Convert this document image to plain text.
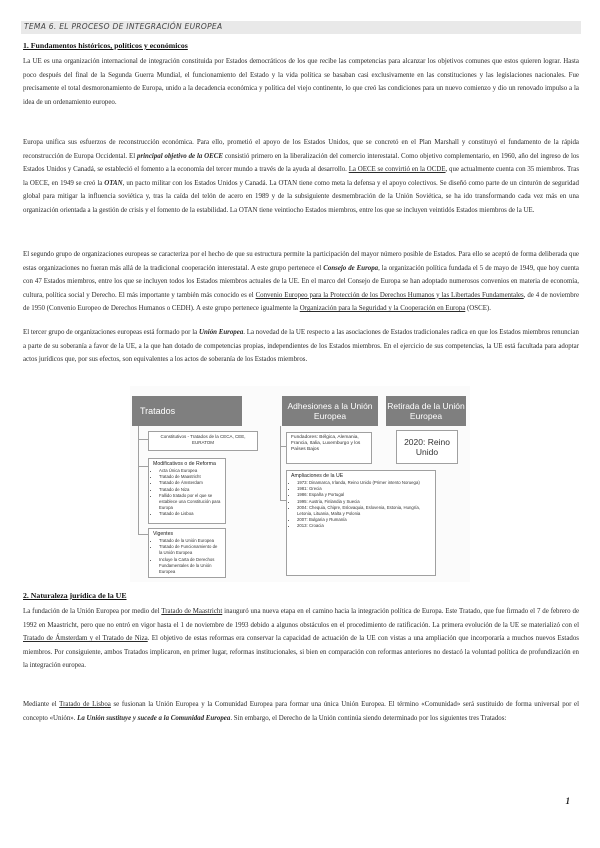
TEMA 6. EL PROCESO DE INTEGRACIÓN EUROPEA
1. Fundamentos históricos, políticos y económicos

La UE es una organización internacional de integración constituida por Estados democráticos de los que recibe las competencias para alcanzar los objetivos comunes que estos quieren lograr. Hasta poco después del final de la Segunda Guerra Mundial, el funcionamiento del Estado y la vida política se basaban casi exclusivamente en las constituciones y las legislaciones nacionales. Fue precisamente el total desmoronamiento de Europa, unido a la decadencia económica y política del viejo continente, lo que creó las condiciones para un nuevo comienzo y dio un renovado impulso a la idea de un ordenamiento europeo.

Europa unifica sus esfuerzos de reconstrucción económica. Para ello, prometió el apoyo de los Estados Unidos, que se concretó en el Plan Marshall y constituyó el fundamento de la rápida reconstrucción de Europa Occidental. El principal objetivo de la OECE consistió primero en la liberalización del comercio interestatal. Como objetivo complementario, en 1960, año del ingreso de los Estados Unidos y Canadá, se estableció el fomento a la economía del tercer mundo a través de la ayuda al desarrollo. La OECE se convirtió en la OCDE, que actualmente cuenta con 35 miembros. Tras la OECE, en 1949 se creó la OTAN, un pacto militar con los Estados Unidos y Canadá. La OTAN tiene como meta la defensa y el apoyo colectivos. Se diseñó como parte de un cinturón de seguridad global para mitigar la influencia soviética y, tras la caída del telón de acero en 1989 y de la subsiguiente desmembración de la Unión Soviética, se ha ido transformando cada vez más en una organización orientada a la gestión de crisis y el fomento de la estabilidad. La OTAN tiene veintiocho Estados miembros, entre los que se incluyen veintidós Estados miembros de la UE.

El segundo grupo de organizaciones europeas se caracteriza por el hecho de que su estructura permite la participación del mayor número posible de Estados. Para ello se aceptó de forma deliberada que estas organizaciones no fueran más allá de la tradicional cooperación interestatal. A este grupo pertenece el Consejo de Europa, la organización política fundada el 5 de mayo de 1949, que hoy cuenta con 47 Estados miembros, entre los que se incluyen todos los Estados miembros actuales de la UE. En el marco del Consejo de Europa se han adoptado numerosos convenios en materia de economía, cultura, política social y Derecho. El más importante y también más conocido es el Convenio Europeo para la Protección de los Derechos Humanos y las Libertades Fundamentales, de 4 de noviembre de 1950 (Convenio Europeo de Derechos Humanos o CEDH). A este grupo pertenece igualmente la Organización para la Seguridad y la Cooperación en Europa (OSCE).

El tercer grupo de organizaciones europeas está formado por la Unión Europea. La novedad de la UE respecto a las asociaciones de Estados tradicionales radica en que los Estados miembros renuncian a parte de su soberanía a favor de la UE, a la que han dotado de competencias propias, independientes de los Estados miembros. En el ejercicio de sus competencias, la UE está facultada para adoptar actos jurídicos que, por sus efectos, son equivalentes a los actos de soberanía de los Estados miembros.

Tratados	Adhesiones a la Unión Europea
Retirada de la Unión Europea
2020: Reino Unido
Constitutivos - Tratados de la CECA, CEE, EURATOM
Modificativos o de Reforma
• Acta Única Europea
• Tratado de Maastricht
• Tratado de Ámsterdam
• Tratado de Niza
• Fallido tratado por el que se establece una Constitución para Europa
• Tratado de Lisboa
Vigentes
• Tratado de la Unión Europea
• Tratado de Funcionamiento de la Unión Europea
• Incluye la Carta de Derechos Fundamentales de la Unión Europea
Fundadores: Bélgica, Alemania, Francia, Italia, Luxemburgo y los Países Bajos
Ampliaciones de la UE
• 1973: Dinamarca, Irlanda, Reino Unido (Primer intento Noruega)
• 1981: Grecia
• 1986: España y Portugal
• 1995: Austria, Finlandia y Suecia
• 2004: Chequia, Chipre, Eslovaquia, Eslovenia, Estonia, Hungría, Letonia, Lituania, Malta y Polonia
• 2007: Bulgaria y Rumanía
• 2013: Croacia
2. Naturaleza jurídica de la UE

La fundación de la Unión Europea por medio del Tratado de Maastricht inauguró una nueva etapa en el camino hacia la integración política de Europa. Este Tratado, que fue firmado el 7 de febrero de 1992 en Maastricht, pero que no entró en vigor hasta el 1 de noviembre de 1993 debido a algunos obstáculos en el procedimiento de ratificación. La primera evolución de la UE se materializó con el Tratado de Ámsterdam y el Tratado de Niza. El objetivo de estas reformas era conservar la capacidad de actuación de la UE con vistas a una ampliación que incorporaría a muchos nuevos Estados miembros. Por consiguiente, ambos Tratados implicaron, en primer lugar, reformas institucionales, si bien en comparación con reformas anteriores no destacó la voluntad política de profundización en la integración europea.

Mediante el Tratado de Lisboa se fusionan la Unión Europea y la Comunidad Europea para formar una única Unión Europea. El término «Comunidad» será sustituido de forma universal por el concepto «Unión». La Unión sustituye y sucede a la Comunidad Europea. Sin embargo, el Derecho de la Unión continúa siendo determinado por los siguientes tres Tratados:

1
